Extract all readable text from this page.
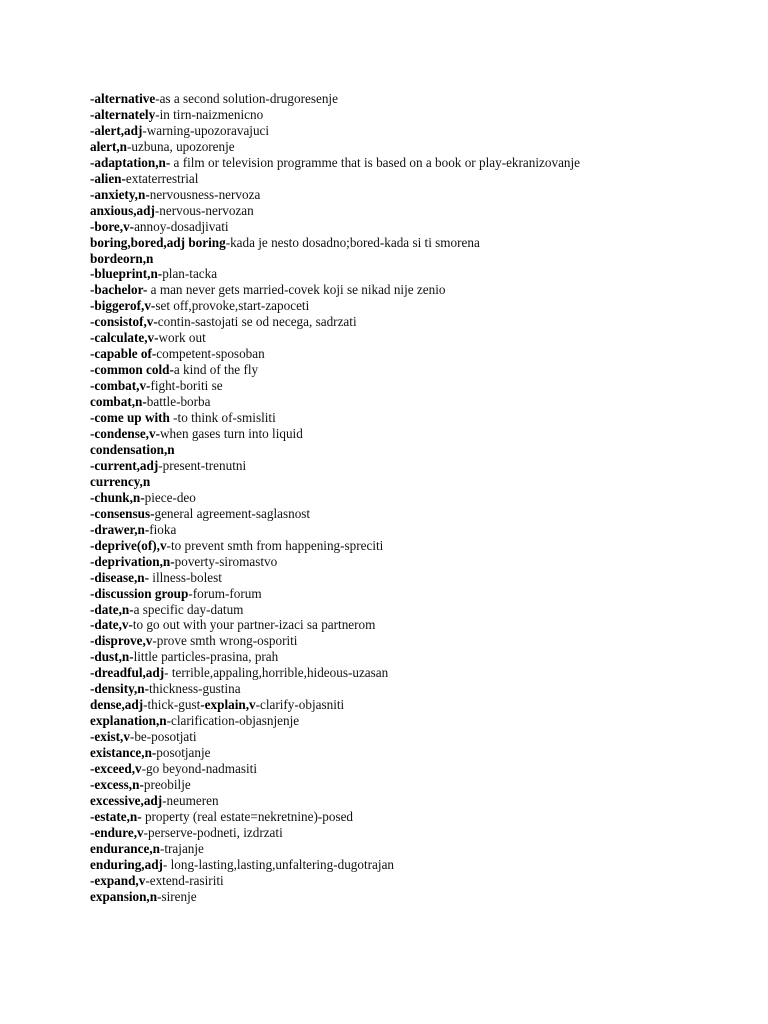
-alternative-as a second solution-drugoresenje
-alternately-in tirn-naizmenicno
-alert,adj-warning-upozoravajuci
alert,n-uzbuna, upozorenje
-adaptation,n- a film or television programme that is based on a book or play-ekranizovanje
-alien-extaterrestrial
-anxiety,n-nervousness-nervoza
anxious,adj-nervous-nervozan
-bore,v-annoy-dosadjivati
boring,bored,adj boring-kada je nesto dosadno;bored-kada si ti smorena
bordeorn,n
-blueprint,n-plan-tacka
-bachelor- a man never gets married-covek koji se nikad nije zenio
-biggerof,v-set off,provoke,start-zapoceti
-consistof,v-contin-sastojati se od necega, sadrzati
-calculate,v-work out
-capable of-competent-sposoban
-common cold-a kind of the fly
-combat,v-fight-boriti se
combat,n-battle-borba
-come up with -to think of-smisliti
-condense,v-when gases turn into liquid
condensation,n
-current,adj-present-trenutni
currency,n
-chunk,n-piece-deo
-consensus-general agreement-saglasnost
-drawer,n-fioka
-deprive(of),v-to prevent smth from happening-spreciti
-deprivation,n-poverty-siromastvo
-disease,n- illness-bolest
-discussion group-forum-forum
-date,n-a specific day-datum
-date,v-to go out with your partner-izaci sa partnerom
-disprove,v-prove smth wrong-osporiti
-dust,n-little particles-prasina, prah
-dreadful,adj- terrible,appaling,horrible,hideous-uzasan
-density,n-thickness-gustina
dense,adj-thick-gust-explain,v-clarify-objasniti
explanation,n-clarification-objasnjenje
-exist,v-be-posotjati
existance,n-posotjanje
-exceed,v-go beyond-nadmasiti
-excess,n-preobilje
excessive,adj-neumeren
-estate,n- property (real estate=nekretnine)-posed
-endure,v-perserve-podneti, izdrzati
endurance,n-trajanje
enduring,adj- long-lasting,lasting,unfaltering-dugotrajan
-expand,v-extend-rasiriti
expansion,n-sirenje
